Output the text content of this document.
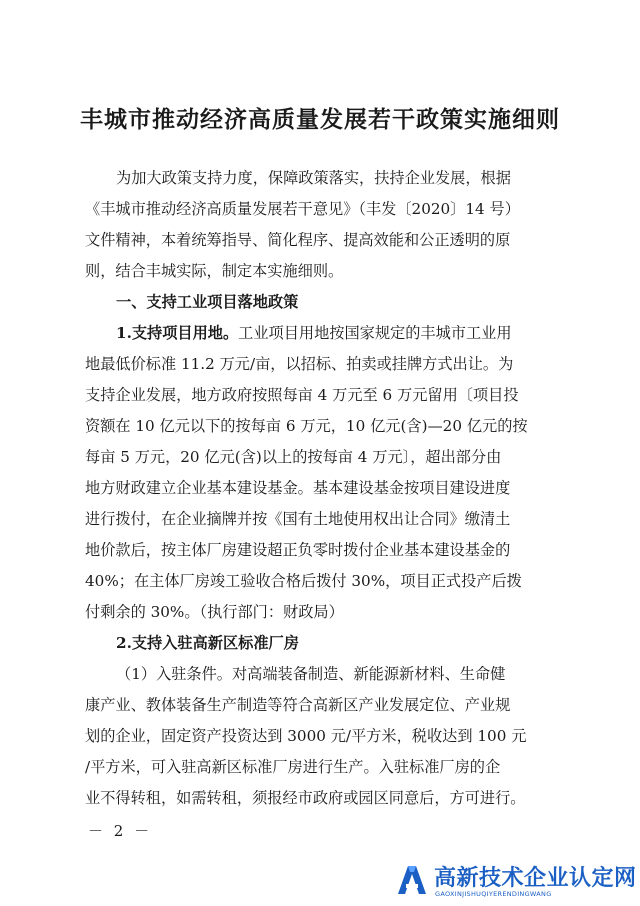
丰城市推动经济高质量发展若干政策实施细则
为加大政策支持力度，保障政策落实，扶持企业发展，根据
《丰城市推动经济高质量发展若干意见》（丰发〔2020〕14 号）
文件精神，本着统筹指导、简化程序、提高效能和公正透明的原
则，结合丰城实际，制定本实施细则。
一、支持工业项目落地政策
1.支持项目用地。工业项目用地按国家规定的丰城市工业用
地最低价标准 11.2 万元/亩，以招标、拍卖或挂牌方式出让。为
支持企业发展，地方政府按照每亩 4 万元至 6 万元留用〔项目投
资额在 10 亿元以下的按每亩 6 万元，10 亿元(含)—20 亿元的按
每亩 5 万元，20 亿元(含)以上的按每亩 4 万元〕，超出部分由
地方财政建立企业基本建设基金。基本建设基金按项目建设进度
进行拨付，在企业摘牌并按《国有土地使用权出让合同》缴清土
地价款后，按主体厂房建设超正负零时拨付企业基本建设基金的
40%；在主体厂房竣工验收合格后拨付 30%，项目正式投产后拨
付剩余的 30%。（执行部门：财政局）
2.支持入驻高新区标准厂房
（1）入驻条件。对高端装备制造、新能源新材料、生命健
康产业、教体装备生产制造等符合高新区产业发展定位、产业规
划的企业，固定资产投资达到 3000 元/平方米，税收达到 100 元
/平方米，可入驻高新区标准厂房进行生产。入驻标准厂房的企
业不得转租，如需转租，须报经市政府或园区同意后，方可进行。
－ 2 －
高新技术企业认定网
GAOXINJISHUQIYERENDINGWANG
